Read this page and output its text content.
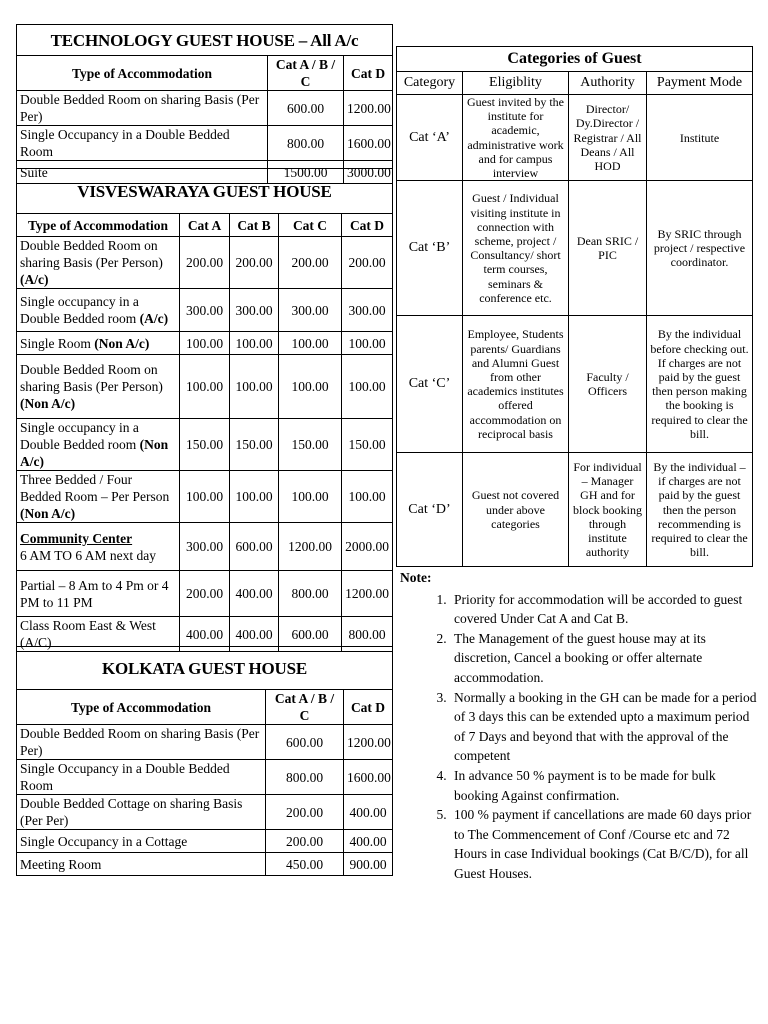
TECHNOLOGY GUEST HOUSE – All A/c		
Type of Accommodation	Cat A / B / C	Cat D
Double Bedded Room on sharing Basis (Per Per)	600.00	1200.00
Single Occupancy in a Double Bedded Room	800.00	1600.00
Suite	1500.00	3000.00
VISVESWARAYA GUEST HOUSE				
Type of Accommodation	Cat A	Cat B	Cat C	Cat D
Double Bedded Room on sharing Basis (Per Person) (A/c)	200.00	200.00	200.00	200.00
Single occupancy in a Double Bedded room (A/c)	300.00	300.00	300.00	300.00
Single Room (Non A/c)	100.00	100.00	100.00	100.00
Double Bedded Room on sharing Basis (Per Person) (Non A/c)	100.00	100.00	100.00	100.00
Single occupancy in a Double Bedded room (Non A/c)	150.00	150.00	150.00	150.00
Three Bedded / Four Bedded Room – Per Person (Non A/c)	100.00	100.00	100.00	100.00
Community Center
6 AM TO 6 AM next day	300.00	600.00	1200.00	2000.00
Partial – 8 Am to 4 Pm or 4 PM to 11 PM	200.00	400.00	800.00	1200.00
Class Room East & West (A/C)	400.00	400.00	600.00	800.00
KOLKATA GUEST HOUSE		
Type of Accommodation	Cat A / B / C	Cat D
Double Bedded Room on sharing Basis (Per Per)	600.00	1200.00
Single Occupancy in a Double Bedded Room	800.00	1600.00
Double Bedded Cottage on sharing Basis (Per Per)	200.00	400.00
Single Occupancy in a Cottage	200.00	400.00
Meeting Room	450.00	900.00
Categories of Guest			
Category	Eligiblity	Authority	Payment Mode
Cat ‘A’	Guest invited by the institute for academic, administrative work and for campus interview	Director/ Dy.Director / Registrar / All Deans / All HOD	Institute
Cat ‘B’	Guest / Individual visiting institute in connection with scheme, project / Consultancy/ short term courses, seminars & conference etc.	Dean SRIC / PIC	By SRIC through project / respective coordinator.
Cat ‘C’	Employee, Students parents/ Guardians and Alumni Guest from other academics institutes offered accommodation on reciprocal basis	Faculty / Officers	By the individual before checking out. If charges are not paid by the guest then person making the booking is required to clear the bill.
Cat ‘D’	Guest not covered under above categories	For individual – Manager GH and for block booking through institute authority	By the individual – if charges are not paid by the guest then the person recommending is required to clear the bill.
Note:
1. Priority for accommodation will be accorded to guest covered Under Cat A and Cat B.
2. The Management of the guest house may at its discretion, Cancel a booking or offer alternate accommodation.
3. Normally a booking in the GH can be made for a period of 3 days this can be extended upto a maximum period of 7 Days and beyond that with the approval of the competent
4. In advance 50 % payment is to be made for bulk booking Against confirmation.
5. 100 % payment if cancellations are made 60 days prior to The Commencement of Conf /Course etc and 72 Hours in case Individual bookings (Cat B/C/D), for all Guest Houses.
